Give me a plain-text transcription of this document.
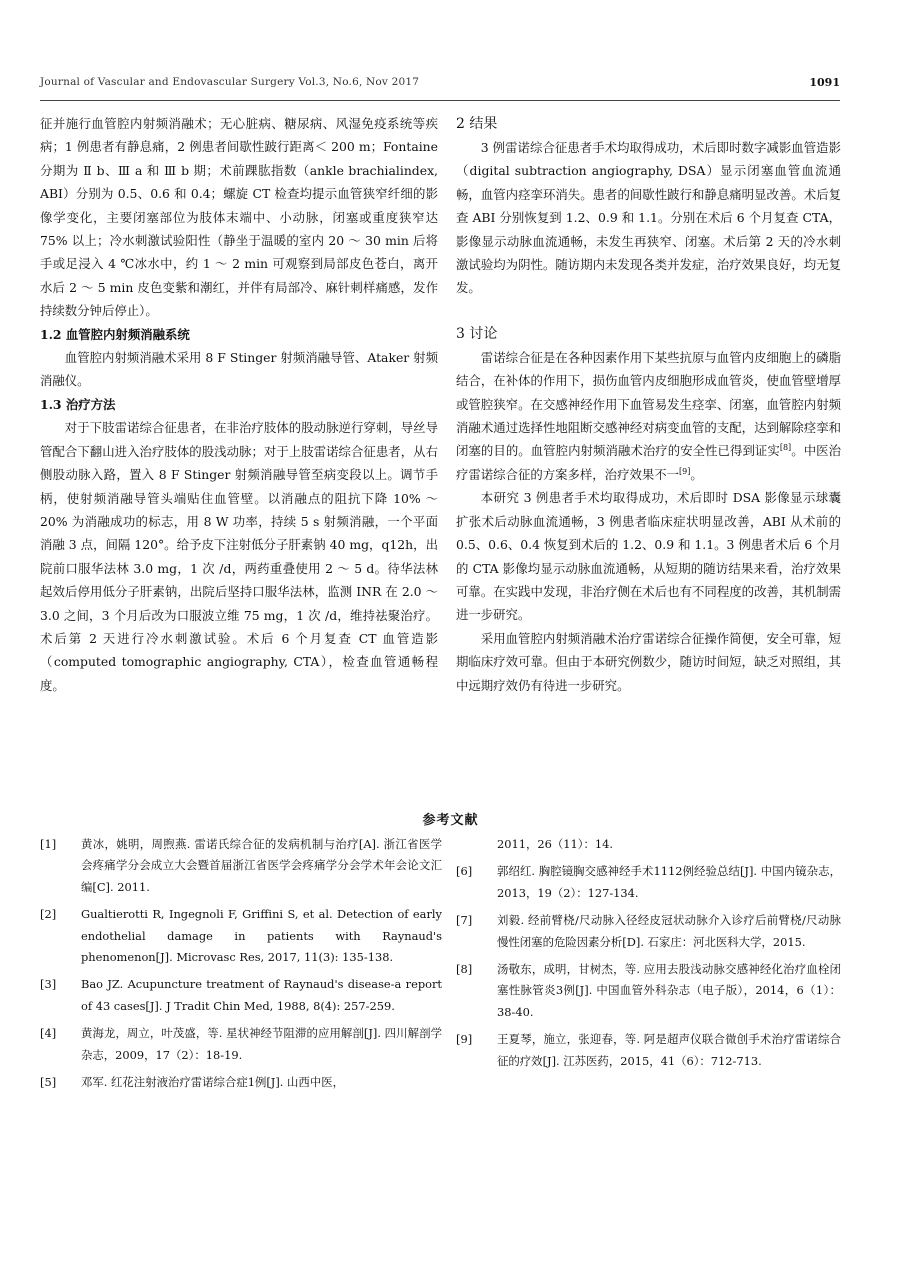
Journal of Vascular and Endovascular Surgery Vol.3, No.6, Nov 2017	1091

征并施行血管腔内射频消融术；无心脏病、糖尿病、风湿免疫系统等疾病；1 例患者有静息痛，2 例患者间歇性跛行距离＜ 200 m；Fontaine 分期为 Ⅱ b、Ⅲ a 和 Ⅲ b 期；术前踝肱指数（ankle brachialindex, ABI）分别为 0.5、0.6 和 0.4；螺旋 CT 检查均提示血管狭窄纤细的影像学变化，主要闭塞部位为肢体末端中、小动脉，闭塞或重度狭窄达 75% 以上；冷水刺激试验阳性（静坐于温暖的室内 20 ～ 30 min 后将手或足浸入 4 ℃冰水中，约 1 ～ 2 min 可观察到局部皮色苍白，离开水后 2 ～ 5 min 皮色变紫和潮红，并伴有局部冷、麻针刺样痛感，发作持续数分钟后停止）。

1.2 血管腔内射频消融系统

血管腔内射频消融术采用 8 F Stinger 射频消融导管、Ataker 射频消融仪。

1.3 治疗方法

对于下肢雷诺综合征患者，在非治疗肢体的股动脉逆行穿刺，导丝导管配合下翻山进入治疗肢体的股浅动脉；对于上肢雷诺综合征患者，从右侧股动脉入路，置入 8 F Stinger 射频消融导管至病变段以上。调节手柄，使射频消融导管头端贴住血管壁。以消融点的阻抗下降 10% ～ 20% 为消融成功的标志，用 8 W 功率，持续 5 s 射频消融，一个平面消融 3 点，间隔 120°。给予皮下注射低分子肝素钠 40 mg，q12h，出院前口服华法林 3.0 mg，1 次 /d，两药重叠使用 2 ～ 5 d。待华法林起效后停用低分子肝素钠，出院后坚持口服华法林，监测 INR 在 2.0 ～ 3.0 之间，3 个月后改为口服波立维 75 mg，1 次 /d，维持祛聚治疗。术后第 2 天进行冷水刺激试验。术后 6 个月复查 CT 血管造影（computed tomographic angiography, CTA），检查血管通畅程度。

2 结果

3 例雷诺综合征患者手术均取得成功，术后即时数字减影血管造影（digital subtraction angiography, DSA）显示闭塞血管血流通畅，血管内痉挛环消失。患者的间歇性跛行和静息痛明显改善。术后复查 ABI 分别恢复到 1.2、0.9 和 1.1。分别在术后 6 个月复查 CTA，影像显示动脉血流通畅，未发生再狭窄、闭塞。术后第 2 天的冷水刺激试验均为阴性。随访期内未发现各类并发症，治疗效果良好，均无复发。

3 讨论

雷诺综合征是在各种因素作用下某些抗原与血管内皮细胞上的磷脂结合，在补体的作用下，损伤血管内皮细胞形成血管炎，使血管壁增厚或管腔狭窄。在交感神经作用下血管易发生痉挛、闭塞，血管腔内射频消融术通过选择性地阻断交感神经对病变血管的支配，达到解除痉挛和闭塞的目的。血管腔内射频消融术治疗的安全性已得到证实[8]。中医治疗雷诺综合征的方案多样，治疗效果不一[9]。

本研究 3 例患者手术均取得成功，术后即时 DSA 影像显示球囊扩张术后动脉血流通畅，3 例患者临床症状明显改善，ABI 从术前的 0.5、0.6、0.4 恢复到术后的 1.2、0.9 和 1.1。3 例患者术后 6 个月的 CTA 影像均显示动脉血流通畅，从短期的随访结果来看，治疗效果可靠。在实践中发现，非治疗侧在术后也有不同程度的改善，其机制需进一步研究。

采用血管腔内射频消融术治疗雷诺综合征操作简便，安全可靠，短期临床疗效可靠。但由于本研究例数少，随访时间短，缺乏对照组，其中远期疗效仍有待进一步研究。

参考文献
[1] 黄冰，姚明，周煦燕. 雷诺氏综合征的发病机制与治疗[A]. 浙江省医学会疼痛学分会成立大会暨首届浙江省医学会疼痛学分会学术年会论文汇编[C]. 2011.
[2] Gualtierotti R, Ingegnoli F, Griffini S, et al. Detection of early endothelial damage in patients with Raynaud's phenomenon[J]. Microvasc Res, 2017, 11(3): 135-138.
[3] Bao JZ. Acupuncture treatment of Raynaud's disease-a report of 43 cases[J]. J Tradit Chin Med, 1988, 8(4): 257-259.
[4] 黄海龙，周立，叶茂盛，等. 星状神经节阻滞的应用解剖[J]. 四川解剖学杂志，2009，17（2）：18-19.
[5] 邓军. 红花注射液治疗雷诺综合症1例[J]. 山西中医，
2011，26（11）：14.
[6] 郭绍红. 胸腔镜胸交感神经手术1112例经验总结[J]. 中国内镜杂志，2013，19（2）：127-134.
[7] 刘毅. 经前臂桡/尺动脉入径经皮冠状动脉介入诊疗后前臂桡/尺动脉慢性闭塞的危险因素分析[D]. 石家庄：河北医科大学，2015.
[8] 汤敬东，成明，甘树杰，等. 应用去股浅动脉交感神经化治疗血栓闭塞性脉管炎3例[J]. 中国血管外科杂志（电子版），2014，6（1）：38-40.
[9] 王夏琴，施立，张迎春，等. 阿是超声仪联合微创手术治疗雷诺综合征的疗效[J]. 江苏医药，2015，41（6）：712-713.
